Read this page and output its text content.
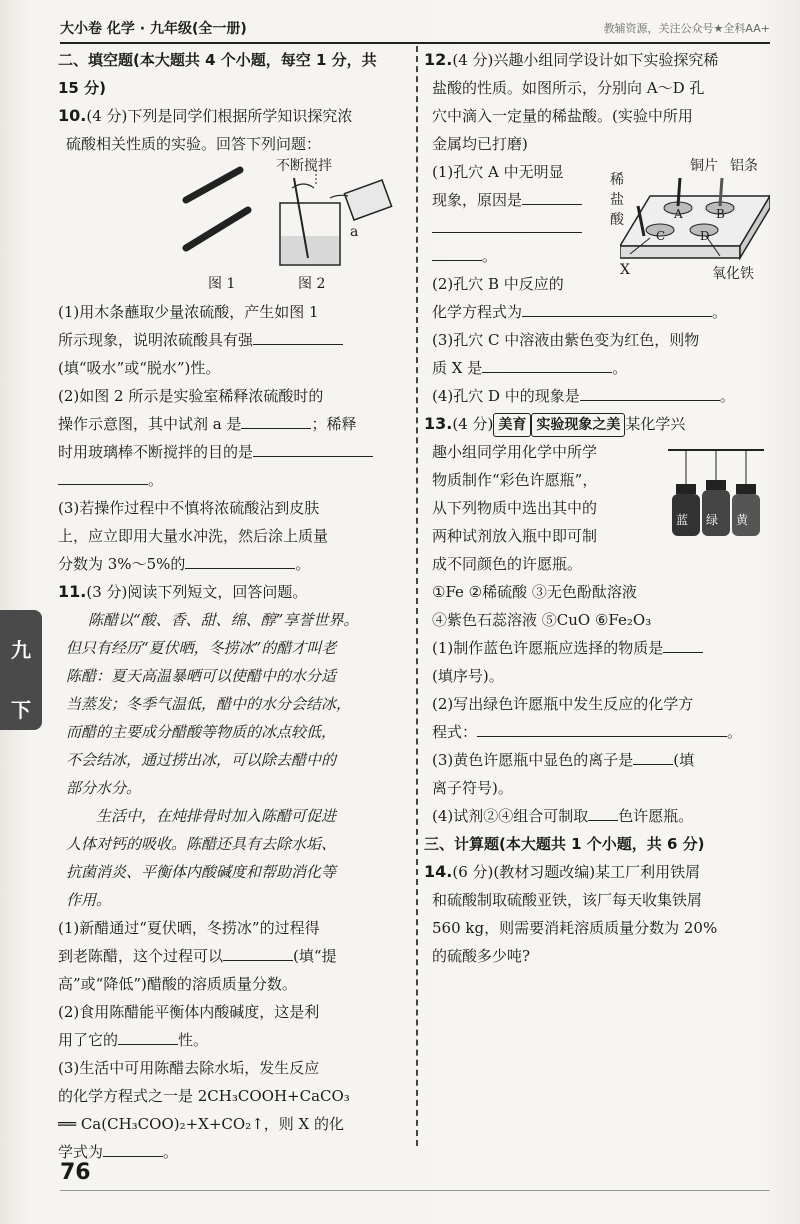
大小卷 化学 · 九年级(全一册)	教辅资源，关注公众号★全科AA+
九
下
二、填空题(本大题共 4 个小题，每空 1 分，共
15 分)
10.(4 分)下列是同学们根据所学知识探究浓
硫酸相关性质的实验。回答下列问题：
不断搅拌
a
图 1	图 2
(1)用木条蘸取少量浓硫酸，产生如图 1
所示现象，说明浓硫酸具有强
(填“吸水”或“脱水”)性。
(2)如图 2 所示是实验室稀释浓硫酸时的
操作示意图，其中试剂 a 是	；稀释
时用玻璃棒不断搅拌的目的是
。
(3)若操作过程中不慎将浓硫酸沾到皮肤
上，应立即用大量水冲洗，然后涂上质量
分数为 3%～5%的	。
11.(3 分)阅读下列短文，回答问题。
陈醋以“酸、香、甜、绵、醇”享誉世界。
但只有经历“夏伏晒，冬捞冰”的醋才叫老
陈醋：夏天高温暴晒可以使醋中的水分适
当蒸发；冬季气温低，醋中的水分会结冰，
而醋的主要成分醋酸等物质的冰点较低，
不会结冰，通过捞出冰，可以除去醋中的
部分水分。
生活中，在炖排骨时加入陈醋可促进
人体对钙的吸收。陈醋还具有去除水垢、
抗菌消炎、平衡体内酸碱度和帮助消化等
作用。
(1)新醋通过“夏伏晒，冬捞冰”的过程得
到老陈醋，这个过程可以	(填“提
高”或“降低”)醋酸的溶质质量分数。
(2)食用陈醋能平衡体内酸碱度，这是利
用了它的	性。
(3)生活中可用陈醋去除水垢，发生反应
的化学方程式之一是 2CH₃COOH+CaCO₃
══ Ca(CH₃COO)₂+X+CO₂↑，则 X 的化
学式为	。
12.(4 分)兴趣小组同学设计如下实验探究稀
盐酸的性质。如图所示，分别向 A～D 孔
穴中滴入一定量的稀盐酸。(实验中所用
金属均已打磨)
(1)孔穴 A 中无明显
现象，原因是
。
铜片 铝条
稀
盐
酸	A	B
C	D
X	氧化铁
(2)孔穴 B 中反应的
化学方程式为	。
(3)孔穴 C 中溶液由紫色变为红色，则物
质 X 是	。
(4)孔穴 D 中的现象是	。
13.(4 分) 美育 实验现象之美 某化学兴
趣小组同学用化学中所学
物质制作“彩色许愿瓶”，
从下列物质中选出其中的
两种试剂放入瓶中即可制
蓝 绿 黄
成不同颜色的许愿瓶。
①Fe ②稀硫酸 ③无色酚酞溶液
④紫色石蕊溶液 ⑤CuO ⑥Fe₂O₃
(1)制作蓝色许愿瓶应选择的物质是
(填序号)。
(2)写出绿色许愿瓶中发生反应的化学方
程式：	。
(3)黄色许愿瓶中显色的离子是	(填
离子符号)。
(4)试剂②④组合可制取 色许愿瓶。
三、计算题(本大题共 1 个小题，共 6 分)
14.(6 分)(教材习题改编)某工厂利用铁屑
和硫酸制取硫酸亚铁，该厂每天收集铁屑
560 kg，则需要消耗溶质质量分数为 20%
的硫酸多少吨?
76
